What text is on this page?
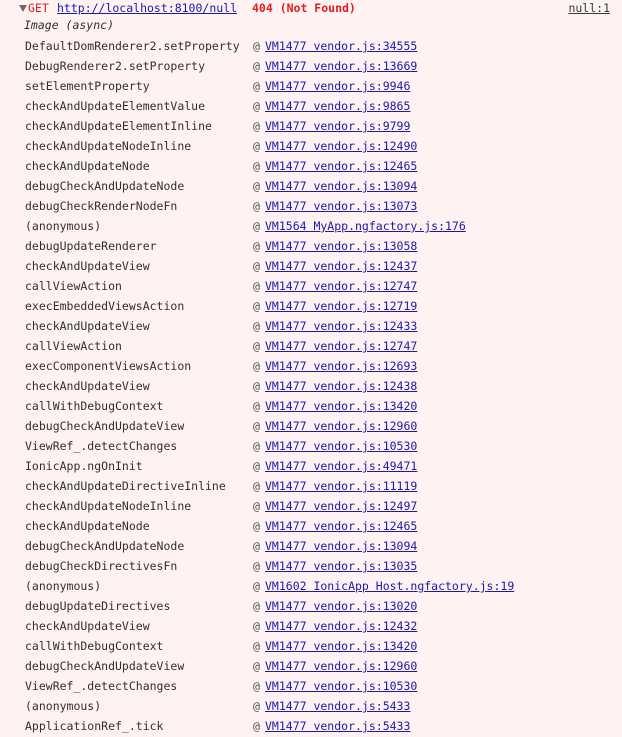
GET http://localhost:8100/null 404 (Not Found)	null:1
Image (async)
DefaultDomRenderer2.setProperty @ VM1477 vendor.js:34555
DebugRenderer2.setProperty	@ VM1477 vendor.js:13669
setElementProperty	@ VM1477 vendor.js:9946
checkAndUpdateElementValue	@ VM1477 vendor.js:9865
checkAndUpdateElementInline	@ VM1477 vendor.js:9799
checkAndUpdateNodeInline	@ VM1477 vendor.js:12490
checkAndUpdateNode	@ VM1477 vendor.js:12465
debugCheckAndUpdateNode	@ VM1477 vendor.js:13094
debugCheckRenderNodeFn	@ VM1477 vendor.js:13073
(anonymous)	@ VM1564 MyApp.ngfactory.js:176
debugUpdateRenderer	@ VM1477 vendor.js:13058
checkAndUpdateView	@ VM1477 vendor.js:12437
callViewAction	@ VM1477 vendor.js:12747
execEmbeddedViewsAction	@ VM1477 vendor.js:12719
checkAndUpdateView	@ VM1477 vendor.js:12433
callViewAction	@ VM1477 vendor.js:12747
execComponentViewsAction	@ VM1477 vendor.js:12693
checkAndUpdateView	@ VM1477 vendor.js:12438
callWithDebugContext	@ VM1477 vendor.js:13420
debugCheckAndUpdateView	@ VM1477 vendor.js:12960
ViewRef_.detectChanges	@ VM1477 vendor.js:10530
IonicApp.ngOnInit	@ VM1477 vendor.js:49471
checkAndUpdateDirectiveInline @ VM1477 vendor.js:11119
checkAndUpdateNodeInline	@ VM1477 vendor.js:12497
checkAndUpdateNode	@ VM1477 vendor.js:12465
debugCheckAndUpdateNode	@ VM1477 vendor.js:13094
debugCheckDirectivesFn	@ VM1477 vendor.js:13035
(anonymous)	@ VM1602 IonicApp Host.ngfactory.js:19
debugUpdateDirectives	@ VM1477 vendor.js:13020
checkAndUpdateView	@ VM1477 vendor.js:12432
callWithDebugContext	@ VM1477 vendor.js:13420
debugCheckAndUpdateView	@ VM1477 vendor.js:12960
ViewRef_.detectChanges	@ VM1477 vendor.js:10530
(anonymous)	@ VM1477 vendor.js:5433
ApplicationRef_.tick	@ VM1477 vendor.js:5433
